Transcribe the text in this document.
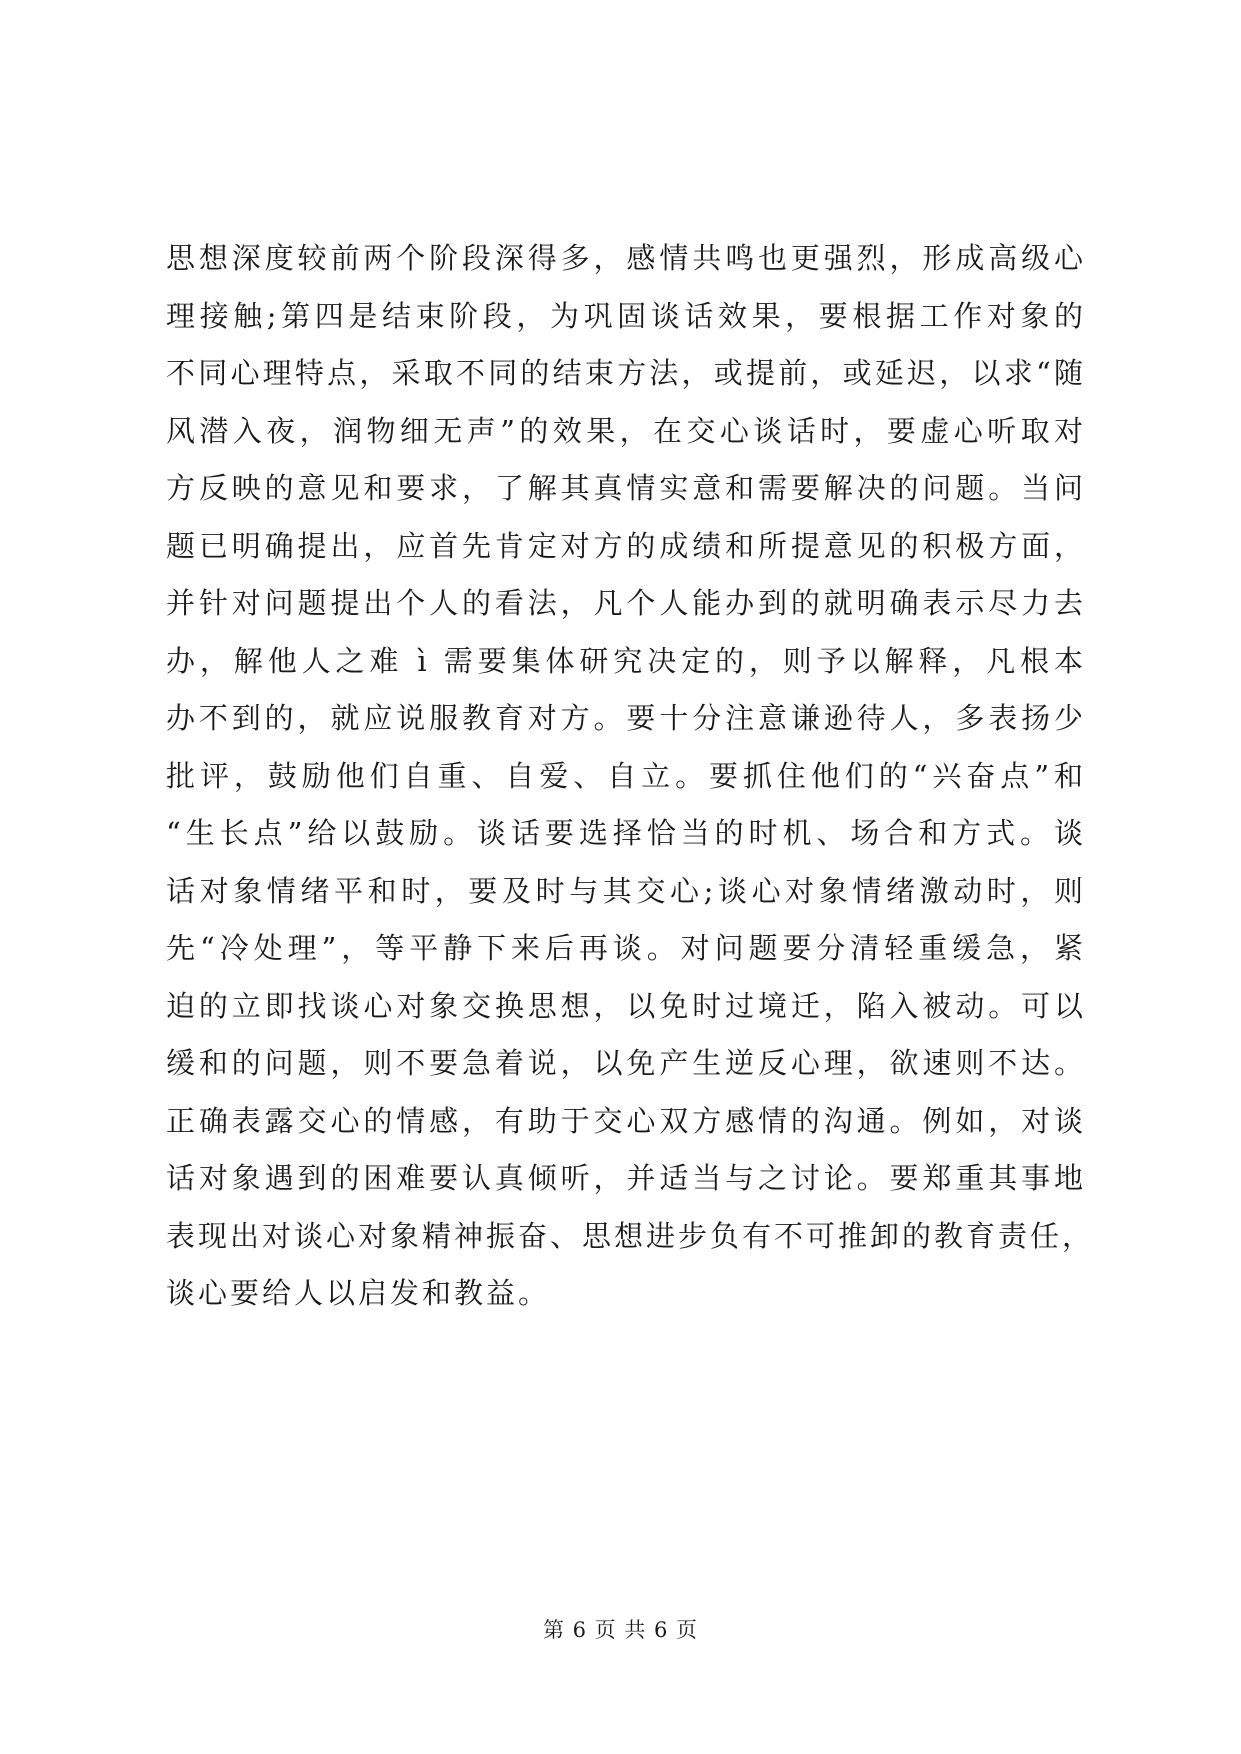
思想深度较前两个阶段深得多，感情共鸣也更强烈，形成高级心
理接触;第四是结束阶段，为巩固谈话效果，要根据工作对象的
不同心理特点，采取不同的结束方法，或提前，或延迟，以求“随
风潜入夜，润物细无声”的效果，在交心谈话时，要虚心听取对
方反映的意见和要求，了解其真情实意和需要解决的问题。当问
题已明确提出，应首先肯定对方的成绩和所提意见的积极方面，
并针对问题提出个人的看法，凡个人能办到的就明确表示尽力去
办，解他人之难 ì 需要集体研究决定的，则予以解释，凡根本
办不到的，就应说服教育对方。要十分注意谦逊待人，多表扬少
批评，鼓励他们自重、自爱、自立。要抓住他们的“兴奋点”和
“生长点”给以鼓励。谈话要选择恰当的时机、场合和方式。谈
话对象情绪平和时，要及时与其交心;谈心对象情绪激动时，则
先“冷处理”，等平静下来后再谈。对问题要分清轻重缓急，紧
迫的立即找谈心对象交换思想，以免时过境迁，陷入被动。可以
缓和的问题，则不要急着说，以免产生逆反心理，欲速则不达。
正确表露交心的情感，有助于交心双方感情的沟通。例如，对谈
话对象遇到的困难要认真倾听，并适当与之讨论。要郑重其事地
表现出对谈心对象精神振奋、思想进步负有不可推卸的教育责任，
谈心要给人以启发和教益。
第 6 页 共 6 页
